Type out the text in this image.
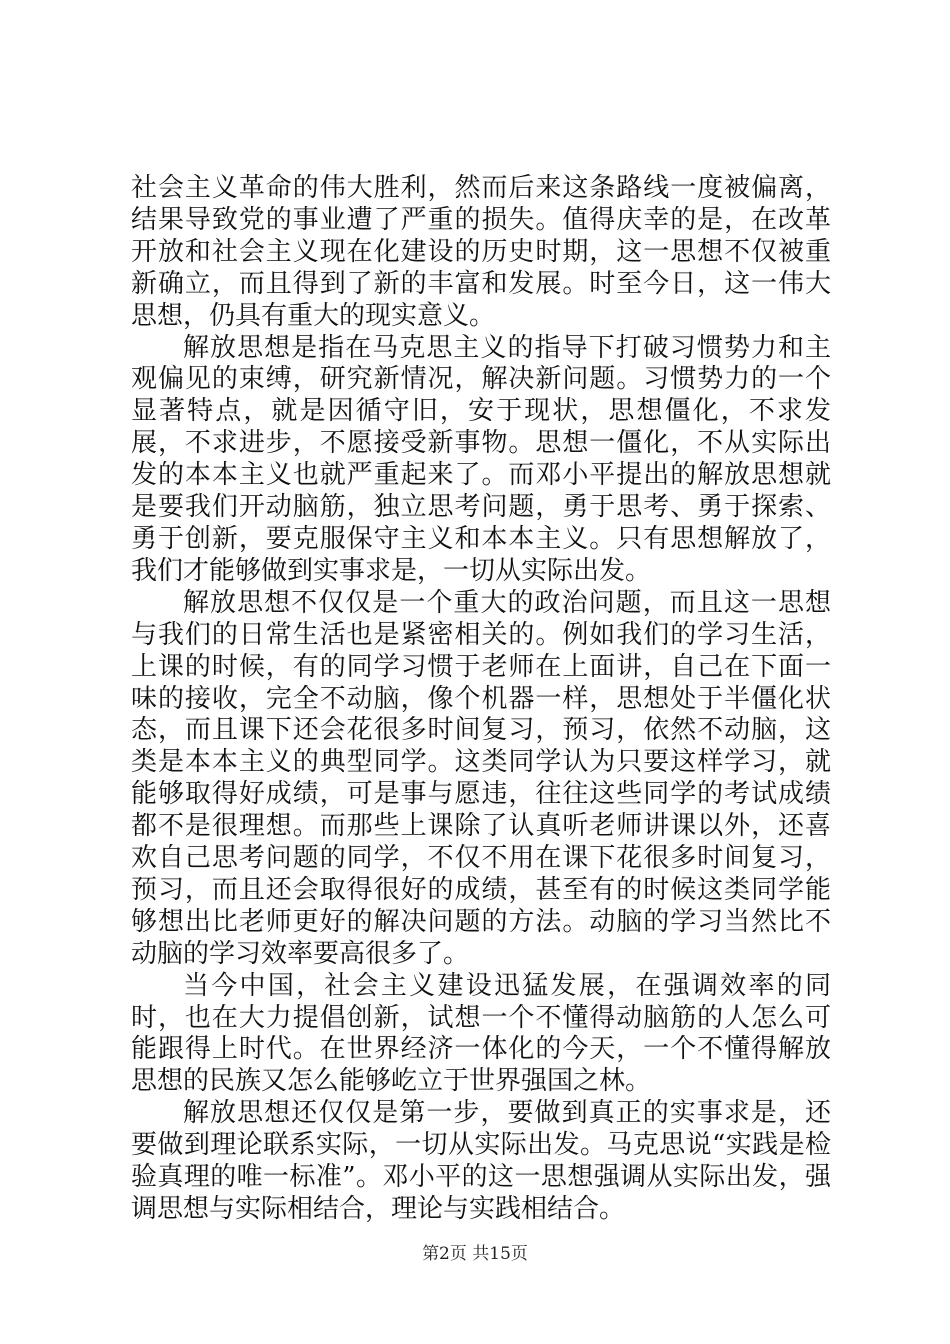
社会主义革命的伟大胜利，然而后来这条路线一度被偏离，结果导致党的事业遭了严重的损失。值得庆幸的是，在改革开放和社会主义现在化建设的历史时期，这一思想不仅被重新确立，而且得到了新的丰富和发展。时至今日，这一伟大思想，仍具有重大的现实意义。

解放思想是指在马克思主义的指导下打破习惯势力和主观偏见的束缚，研究新情况，解决新问题。习惯势力的一个显著特点，就是因循守旧，安于现状，思想僵化，不求发展，不求进步，不愿接受新事物。思想一僵化，不从实际出发的本本主义也就严重起来了。而邓小平提出的解放思想就是要我们开动脑筋，独立思考问题，勇于思考、勇于探索、勇于创新，要克服保守主义和本本主义。只有思想解放了，我们才能够做到实事求是，一切从实际出发。

解放思想不仅仅是一个重大的政治问题，而且这一思想与我们的日常生活也是紧密相关的。例如我们的学习生活，上课的时候，有的同学习惯于老师在上面讲，自己在下面一味的接收，完全不动脑，像个机器一样，思想处于半僵化状态，而且课下还会花很多时间复习，预习，依然不动脑，这类是本本主义的典型同学。这类同学认为只要这样学习，就能够取得好成绩，可是事与愿违，往往这些同学的考试成绩都不是很理想。而那些上课除了认真听老师讲课以外，还喜欢自己思考问题的同学，不仅不用在课下花很多时间复习，预习，而且还会取得很好的成绩，甚至有的时候这类同学能够想出比老师更好的解决问题的方法。动脑的学习当然比不动脑的学习效率要高很多了。

当今中国，社会主义建设迅猛发展，在强调效率的同时，也在大力提倡创新，试想一个不懂得动脑筋的人怎么可能跟得上时代。在世界经济一体化的今天，一个不懂得解放思想的民族又怎么能够屹立于世界强国之林。

解放思想还仅仅是第一步，要做到真正的实事求是，还要做到理论联系实际，一切从实际出发。马克思说“实践是检验真理的唯一标准”。邓小平的这一思想强调从实际出发，强调思想与实际相结合，理论与实践相结合。

第2页 共15页
